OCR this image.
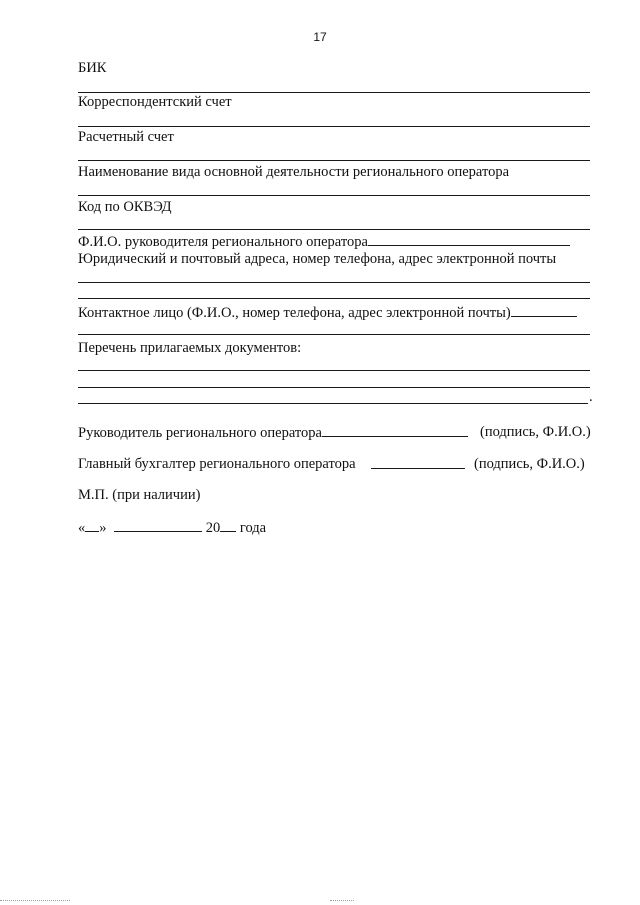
17
БИК
Корреспондентский счет
Расчетный счет
Наименование вида основной деятельности регионального оператора
Код по ОКВЭД
Ф.И.О. руководителя регионального оператора
Юридический и почтовый адреса, номер телефона, адрес электронной почты
Контактное лицо (Ф.И.О., номер телефона, адрес электронной почты)
Перечень прилагаемых документов:
.
Руководитель регионального оператора	(подпись, Ф.И.О.)
Главный бухгалтер регионального оператора	(подпись, Ф.И.О.)
М.П. (при наличии)
« »	20 года
